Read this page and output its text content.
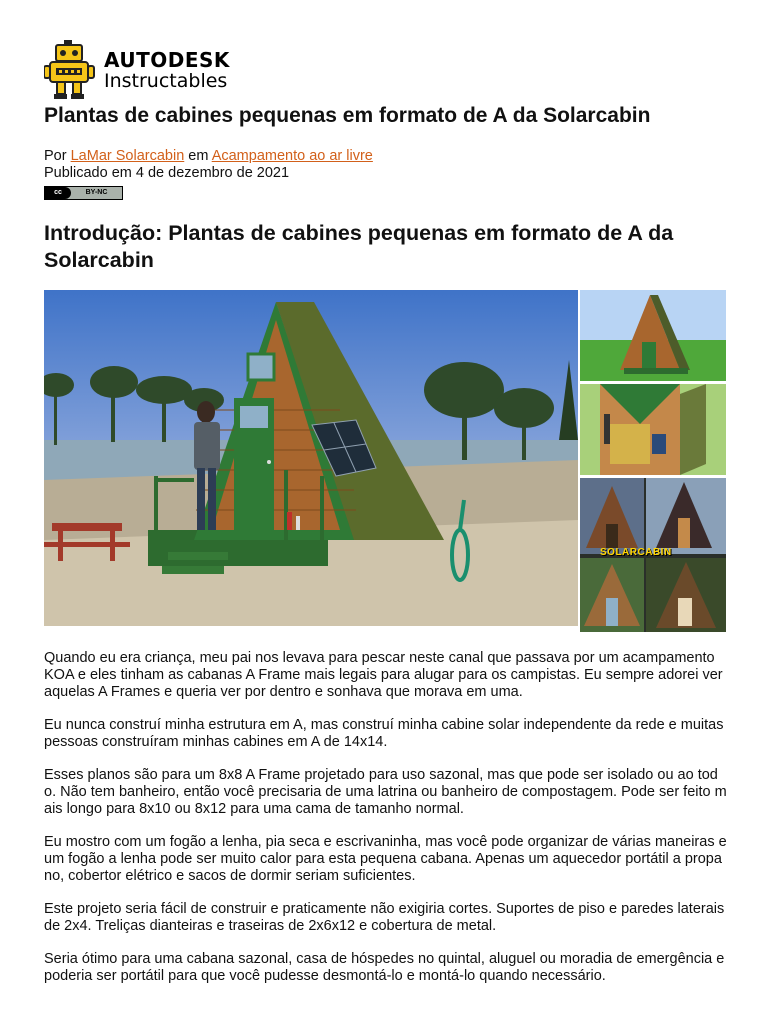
AUTODESK
Instructables
Plantas de cabines pequenas em formato de A da Solarcabin
Por LaMar Solarcabin em Acampamento ao ar livre
Publicado em 4 de dezembro de 2021
cc	BY-NC
Introdução: Plantas de cabines pequenas em formato de A da Solarcabin
SOLARCABIN

Quando eu era criança, meu pai nos levava para pescar neste canal que passava por um acampamento KOA e eles tinham as cabanas A Frame mais legais para alugar para os campistas. Eu sempre adorei ver aquelas A Frames e queria ver por dentro e sonhava que morava em uma.

Eu nunca construí minha estrutura em A, mas construí minha cabine solar independente da rede e muitas pessoas construíram minhas cabines em A de 14x14.

Esses planos são para um 8x8 A Frame projetado para uso sazonal, mas que pode ser isolado ou ao todo. Não tem banheiro, então você precisaria de uma latrina ou banheiro de compostagem. Pode ser feito mais longo para 8x10 ou 8x12 para uma cama de tamanho normal.

Eu mostro com um fogão a lenha, pia seca e escrivaninha, mas você pode organizar de várias maneiras e um fogão a lenha pode ser muito calor para esta pequena cabana. Apenas um aquecedor portátil a propano, cobertor elétrico e sacos de dormir seriam suficientes.

Este projeto seria fácil de construir e praticamente não exigiria cortes. Suportes de piso e paredes laterais de 2x4. Treliças dianteiras e traseiras de 2x6x12 e cobertura de metal.

Seria ótimo para uma cabana sazonal, casa de hóspedes no quintal, aluguel ou moradia de emergência e poderia ser portátil para que você pudesse desmontá-lo e montá-lo quando necessário.
